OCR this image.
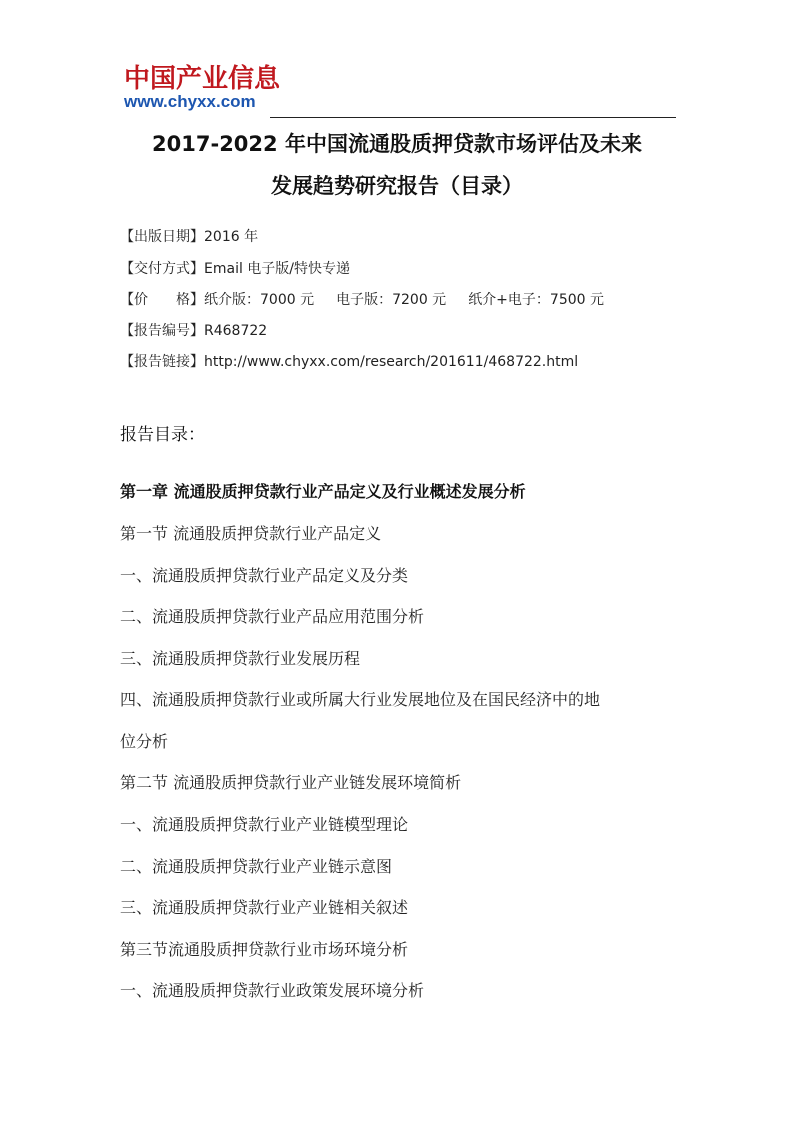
中国产业信息
www.chyxx.com
2017-2022 年中国流通股质押贷款市场评估及未来
发展趋势研究报告（目录）
【出版日期】2016 年
【交付方式】Email 电子版/特快专递
【价　　格】纸介版：7000 元 电子版：7200 元 纸介+电子：7500 元
【报告编号】R468722
【报告链接】http://www.chyxx.com/research/201611/468722.html
报告目录：
第一章 流通股质押贷款行业产品定义及行业概述发展分析
第一节 流通股质押贷款行业产品定义
一、流通股质押贷款行业产品定义及分类
二、流通股质押贷款行业产品应用范围分析
三、流通股质押贷款行业发展历程
四、流通股质押贷款行业或所属大行业发展地位及在国民经济中的地
位分析
第二节 流通股质押贷款行业产业链发展环境简析
一、流通股质押贷款行业产业链模型理论
二、流通股质押贷款行业产业链示意图
三、流通股质押贷款行业产业链相关叙述
第三节流通股质押贷款行业市场环境分析
一、流通股质押贷款行业政策发展环境分析
